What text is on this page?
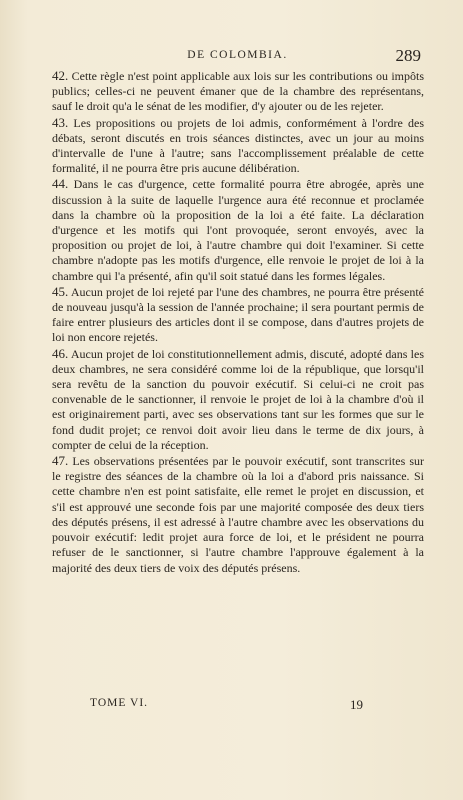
DE COLOMBIA.	289

42. Cette règle n'est point applicable aux lois sur les contributions ou impôts publics; celles-ci ne peuvent émaner que de la chambre des représentans, sauf le droit qu'a le sénat de les modifier, d'y ajouter ou de les rejeter.

43. Les propositions ou projets de loi admis, conformément à l'ordre des débats, seront discutés en trois séances distinctes, avec un jour au moins d'intervalle de l'une à l'autre; sans l'accomplissement préalable de cette formalité, il ne pourra être pris aucune délibération.

44. Dans le cas d'urgence, cette formalité pourra être abrogée, après une discussion à la suite de laquelle l'urgence aura été reconnue et proclamée dans la chambre où la proposition de la loi a été faite. La déclaration d'urgence et les motifs qui l'ont provoquée, seront envoyés, avec la proposition ou projet de loi, à l'autre chambre qui doit l'examiner. Si cette chambre n'adopte pas les motifs d'urgence, elle renvoie le projet de loi à la chambre qui l'a présenté, afin qu'il soit statué dans les formes légales.

45. Aucun projet de loi rejeté par l'une des chambres, ne pourra être présenté de nouveau jusqu'à la session de l'année prochaine; il sera pourtant permis de faire entrer plusieurs des articles dont il se compose, dans d'autres projets de loi non encore rejetés.

46. Aucun projet de loi constitutionnellement admis, discuté, adopté dans les deux chambres, ne sera considéré comme loi de la république, que lorsqu'il sera revêtu de la sanction du pouvoir exécutif. Si celui-ci ne croit pas convenable de le sanctionner, il renvoie le projet de loi à la chambre d'où il est originairement parti, avec ses observations tant sur les formes que sur le fond dudit projet; ce renvoi doit avoir lieu dans le terme de dix jours, à compter de celui de la réception.

47. Les observations présentées par le pouvoir exécutif, sont transcrites sur le registre des séances de la chambre où la loi a d'abord pris naissance. Si cette chambre n'en est point satisfaite, elle remet le projet en discussion, et s'il est approuvé une seconde fois par une majorité composée des deux tiers des députés présens, il est adressé à l'autre chambre avec les observations du pouvoir exécutif: ledit projet aura force de loi, et le président ne pourra refuser de le sanctionner, si l'autre chambre l'approuve également à la majorité des deux tiers de voix des députés présens.

TOME VI.	19
